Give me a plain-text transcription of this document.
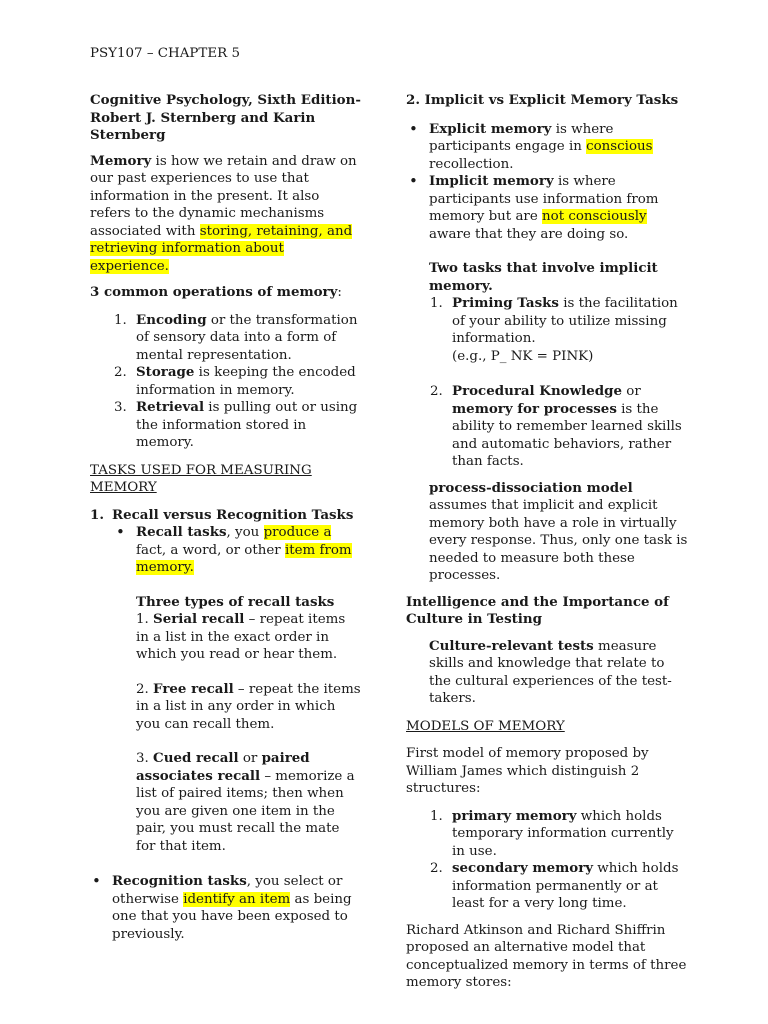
PSY107 – CHAPTER 5

Cognitive Psychology, Sixth Edition- Robert J. Sternberg and Karin Sternberg

Memory is how we retain and draw on our past experiences to use that information in the present. It also refers to the dynamic mechanisms associated with storing, retaining, and retrieving information about experience.

3 common operations of memory:

1. Encoding or the transformation of sensory data into a form of mental representation.
2. Storage is keeping the encoded information in memory.
3. Retrieval is pulling out or using the information stored in memory.

TASKS USED FOR MEASURING MEMORY

1. Recall versus Recognition Tasks

• Recall tasks, you produce a fact, a word, or other item from memory.

Three types of recall tasks

1. Serial recall – repeat items in a list in the exact order in which you read or hear them.

2. Free recall – repeat the items in a list in any order in which you can recall them.

3. Cued recall or paired associates recall – memorize a list of paired items; then when you are given one item in the pair, you must recall the mate for that item.

• Recognition tasks, you select or otherwise identify an item as being one that you have been exposed to previously.

2. Implicit vs Explicit Memory Tasks

• Explicit memory is where participants engage in conscious recollection.
• Implicit memory is where participants use information from memory but are not consciously aware that they are doing so.

Two tasks that involve implicit memory.

1. Priming Tasks is the facilitation of your ability to utilize missing information.
(e.g., P_ NK = PINK)
2. Procedural Knowledge or memory for processes is the ability to remember learned skills and automatic behaviors, rather than facts.

process-dissociation model
assumes that implicit and explicit memory both have a role in virtually every response. Thus, only one task is needed to measure both these processes.

Intelligence and the Importance of Culture in Testing

Culture-relevant tests measure skills and knowledge that relate to the cultural experiences of the test-takers.

MODELS OF MEMORY

First model of memory proposed by William James which distinguish 2 structures:

1. primary memory which holds temporary information currently in use.
2. secondary memory which holds information permanently or at least for a very long time.

Richard Atkinson and Richard Shiffrin proposed an alternative model that conceptualized memory in terms of three memory stores:
